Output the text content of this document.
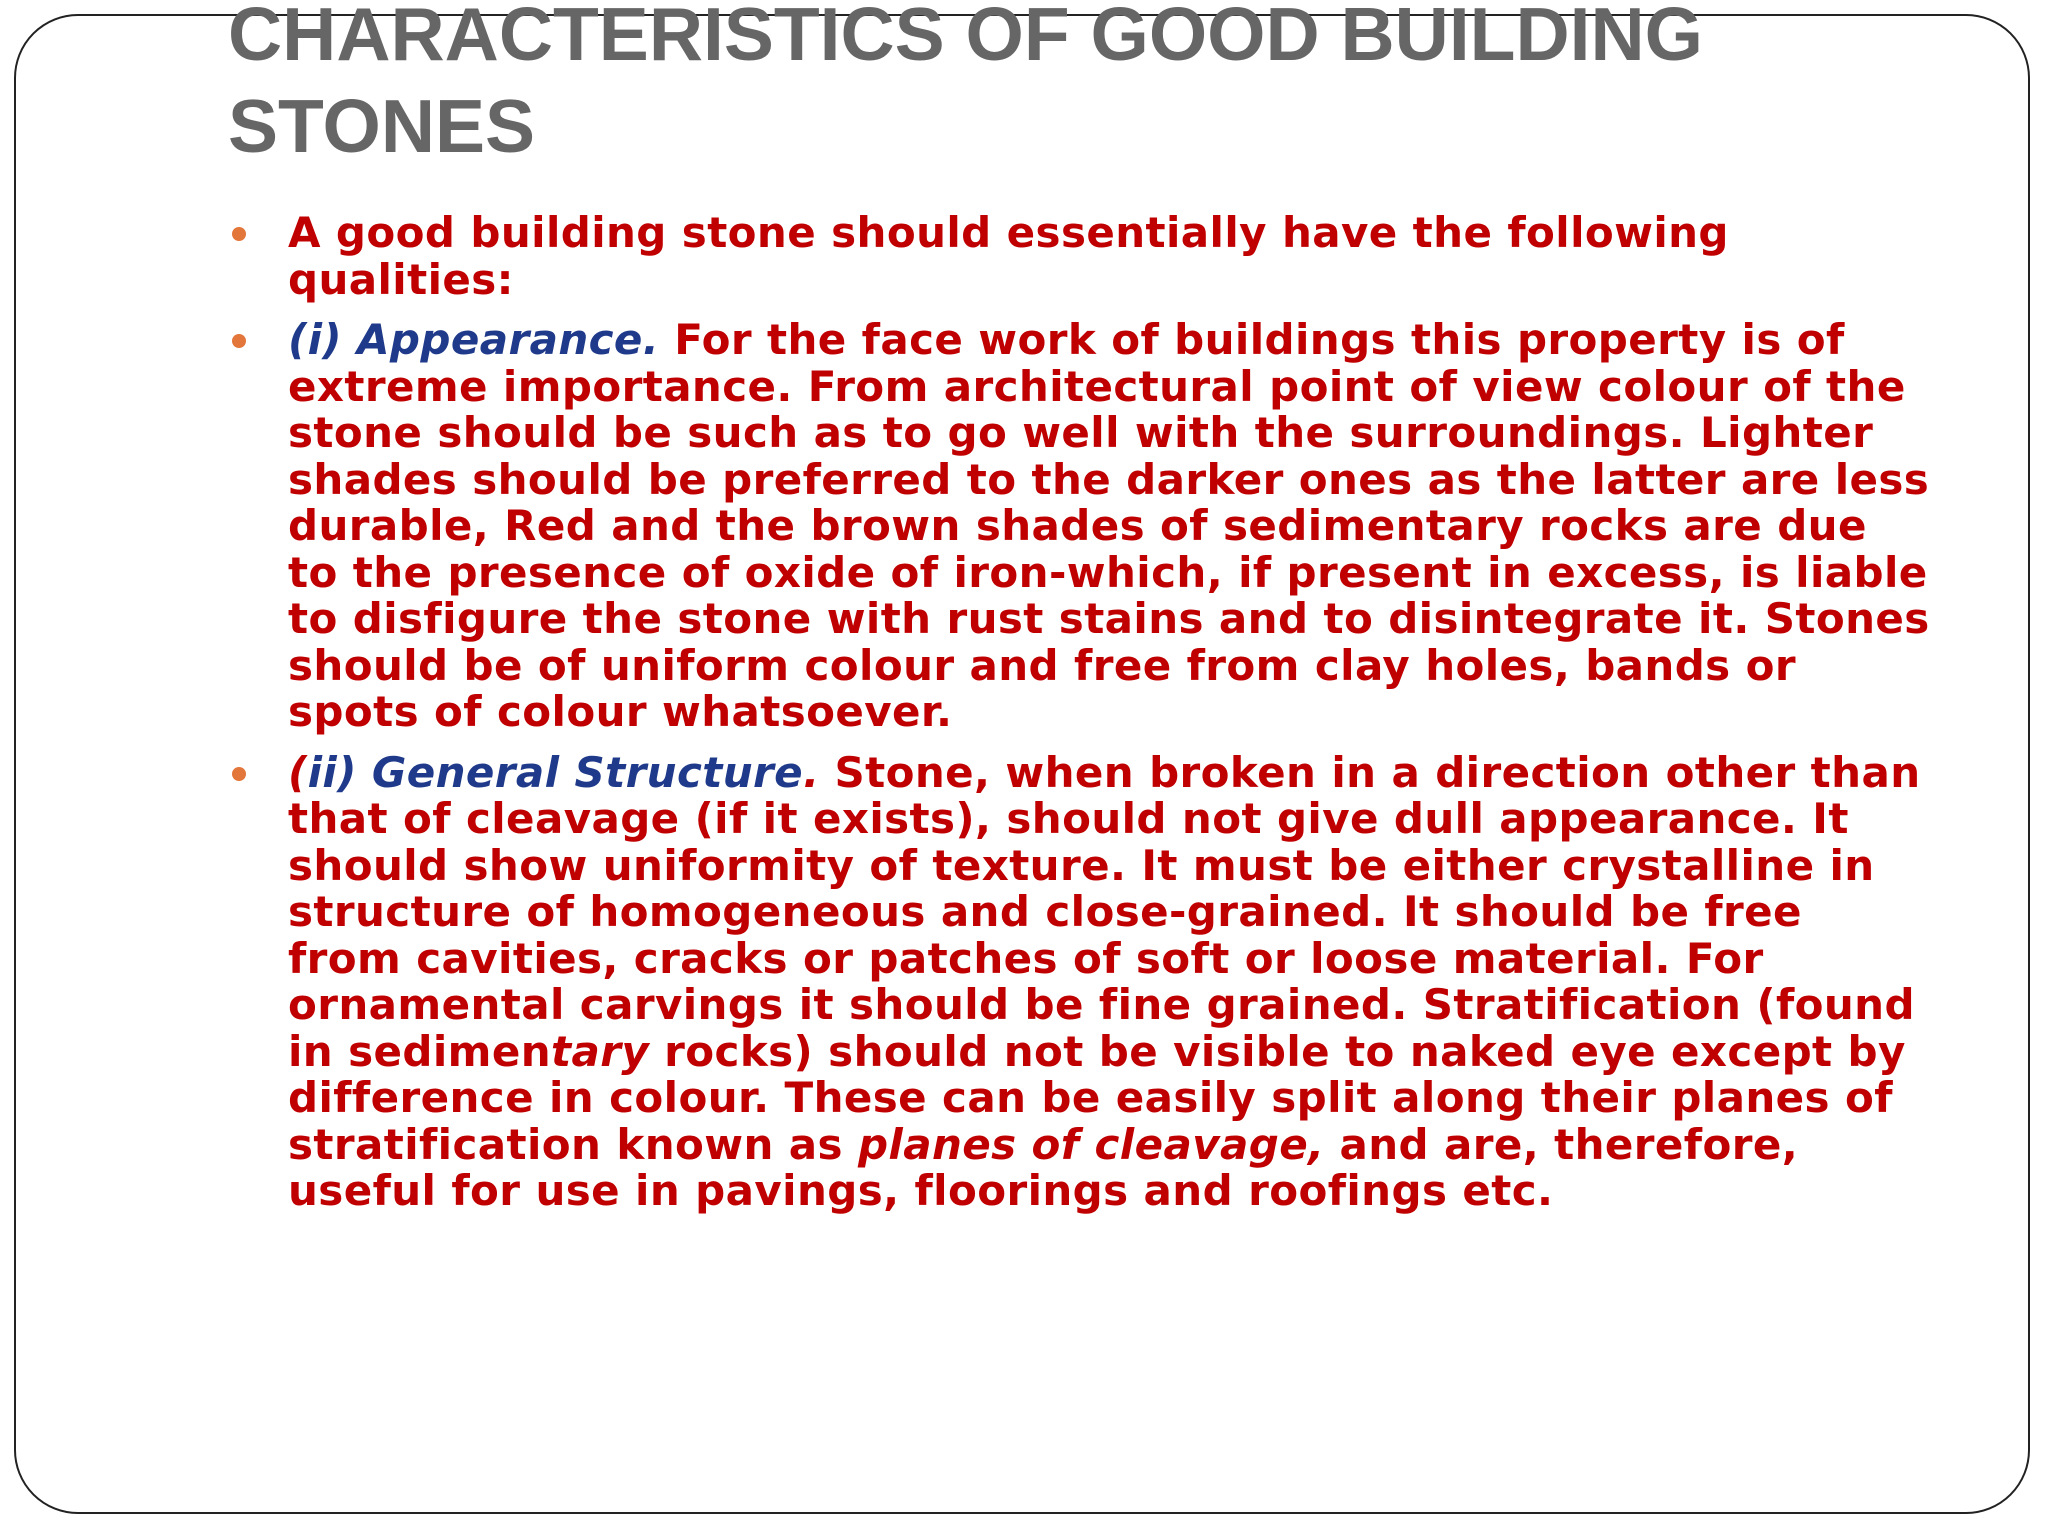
CHARACTERISTICS OF GOOD BUILDING STONES
A good building stone should essentially have the following qualities:
(i) Appearance. For the face work of buildings this property is of extreme importance. From architectural point of view colour of the stone should be such as to go well with the surroundings. Lighter shades should be preferred to the darker ones as the latter are less durable, Red and the brown shades of sedimentary rocks are due to the presence of oxide of iron-which, if present in excess, is liable to disfigure the stone with rust stains and to disintegrate it. Stones should be of uniform colour and free from clay holes, bands or spots of colour whatsoever.
(ii) General Structure. Stone, when broken in a direction other than that of cleavage (if it exists), should not give dull appearance. It should show uniformity of texture. It must be either crystalline in structure of homogeneous and close-grained. It should be free from cavities, cracks or patches of soft or loose material. For ornamental carvings it should be fine grained. Stratification (found in sedimentary rocks) should not be visible to naked eye except by difference in colour. These can be easily split along their planes of stratification known as planes of cleavage, and are, therefore, useful for use in pavings, floorings and roofings etc.
